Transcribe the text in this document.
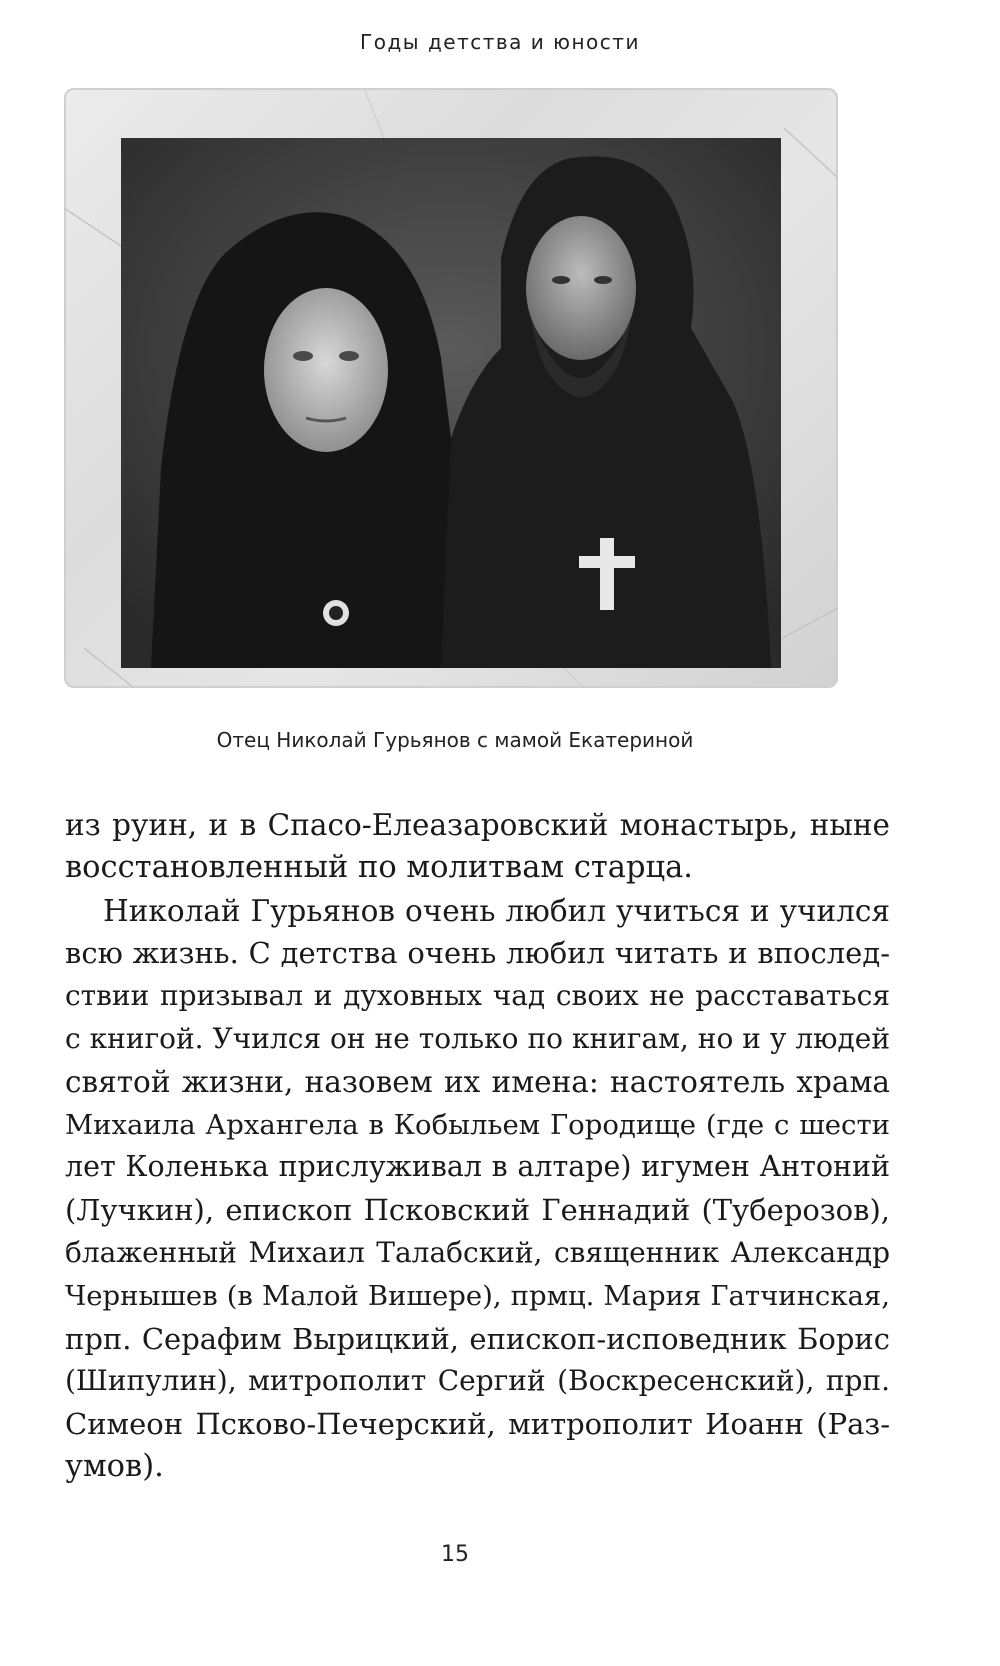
Годы детства и юности
Отец Николай Гурьянов с мамой Екатериной
из руин, и в Спасо-Елеазаровский монастырь, ныне
восстановленный по молитвам старца.
Николай Гурьянов очень любил учиться и учился
всю жизнь. С детства очень любил читать и впослед-
ствии призывал и духовных чад своих не расставаться
с книгой. Учился он не только по книгам, но и у людей
святой жизни, назовем их имена: настоятель храма
Михаила Архангела в Кобыльем Городище (где с шести
лет Коленька прислуживал в алтаре) игумен Антоний
(Лучкин), епископ Псковский Геннадий (Туберозов),
блаженный Михаил Талабский, священник Александр
Чернышев (в Малой Вишере), прмц. Мария Гатчинская,
прп. Серафим Вырицкий, епископ-исповедник Борис
(Шипулин), митрополит Сергий (Воскресенский), прп.
Симеон Псково-Печерский, митрополит Иоанн (Раз-
умов).
15
